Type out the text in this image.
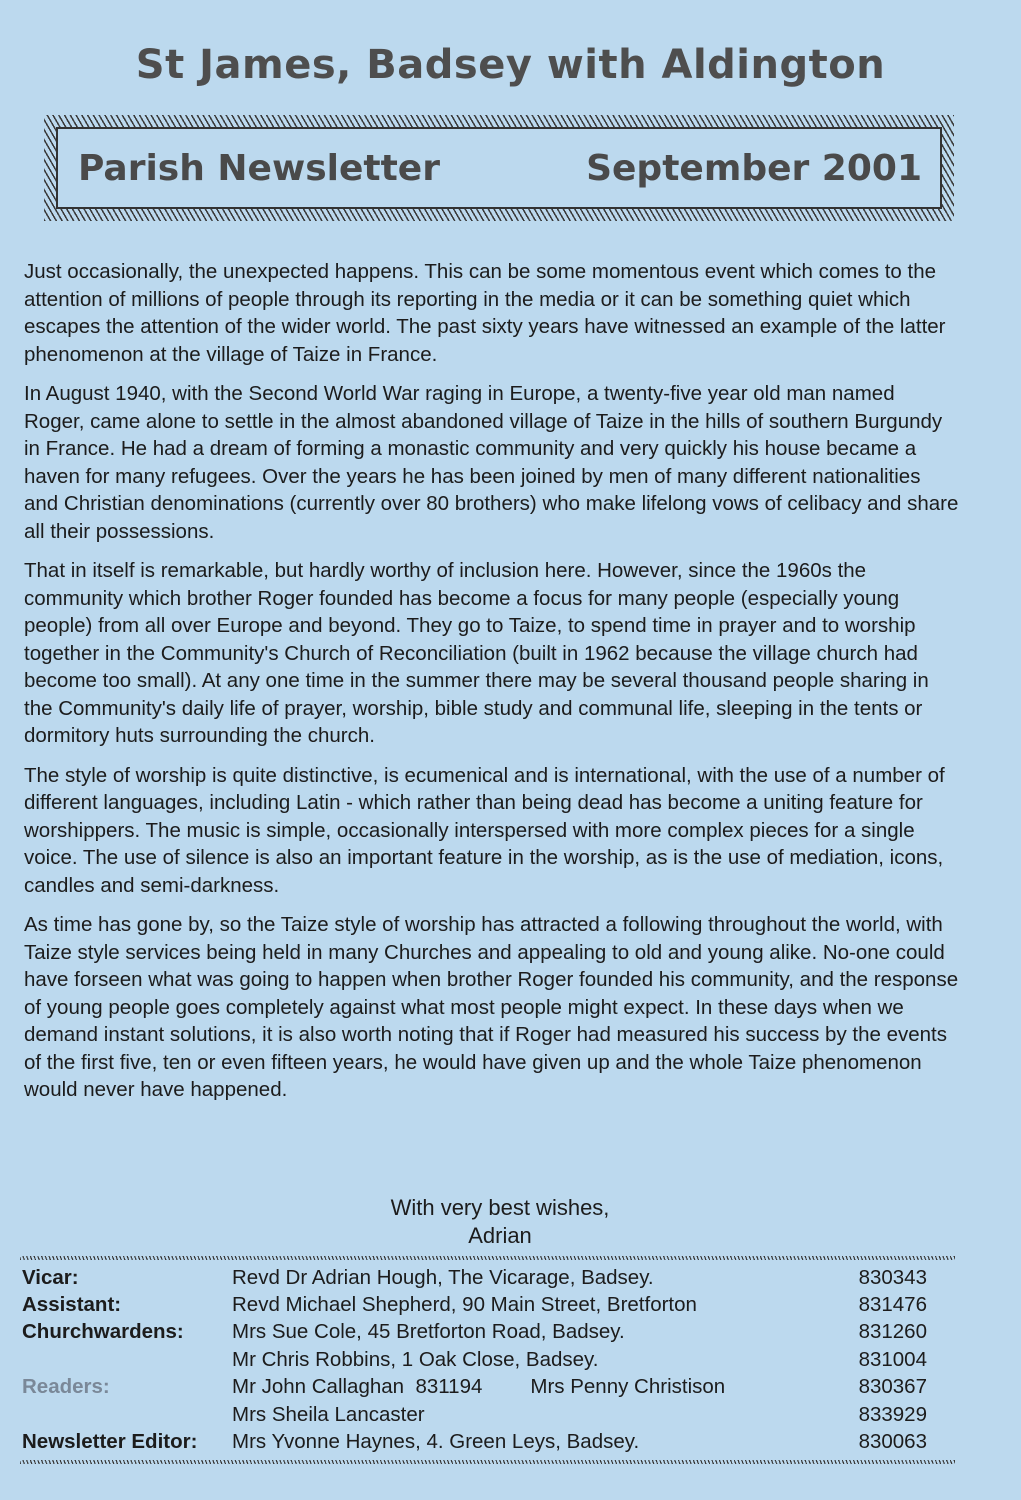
St James, Badsey with Aldington
Parish Newsletter	September 2001

Just occasionally, the unexpected happens. This can be some momentous event which comes to the attention of millions of people through its reporting in the media or it can be something quiet which escapes the attention of the wider world. The past sixty years have witnessed an example of the latter phenomenon at the village of Taize in France.

In August 1940, with the Second World War raging in Europe, a twenty-five year old man named Roger, came alone to settle in the almost abandoned village of Taize in the hills of southern Burgundy in France. He had a dream of forming a monastic community and very quickly his house became a haven for many refugees. Over the years he has been joined by men of many different nationalities and Christian denominations (currently over 80 brothers) who make lifelong vows of celibacy and share all their possessions.

That in itself is remarkable, but hardly worthy of inclusion here. However, since the 1960s the community which brother Roger founded has become a focus for many people (especially young people) from all over Europe and beyond. They go to Taize, to spend time in prayer and to worship together in the Community's Church of Reconciliation (built in 1962 because the village church had become too small). At any one time in the summer there may be several thousand people sharing in the Community's daily life of prayer, worship, bible study and communal life, sleeping in the tents or dormitory huts surrounding the church.

The style of worship is quite distinctive, is ecumenical and is international, with the use of a number of different languages, including Latin - which rather than being dead has become a uniting feature for worshippers. The music is simple, occasionally interspersed with more complex pieces for a single voice. The use of silence is also an important feature in the worship, as is the use of mediation, icons, candles and semi-darkness.

As time has gone by, so the Taize style of worship has attracted a following throughout the world, with Taize style services being held in many Churches and appealing to old and young alike. No-one could have forseen what was going to happen when brother Roger founded his community, and the response of young people goes completely against what most people might expect. In these days when we demand instant solutions, it is also worth noting that if Roger had measured his success by the events of the first five, ten or even fifteen years, he would have given up and the whole Taize phenomenon would never have happened.

With very best wishes,
Adrian
Vicar:	Revd Dr Adrian Hough, The Vicarage, Badsey.	830343
Assistant:	Revd Michael Shepherd, 90 Main Street, Bretforton	831476
Churchwardens:	Mrs Sue Cole, 45 Bretforton Road, Badsey.	831260
	Mr Chris Robbins, 1 Oak Close, Badsey.	831004
Readers:	Mr John Callaghan 831194 Mrs Penny Christison	830367
	Mrs Sheila Lancaster	833929
Newsletter Editor:	Mrs Yvonne Haynes, 4. Green Leys, Badsey.	830063
